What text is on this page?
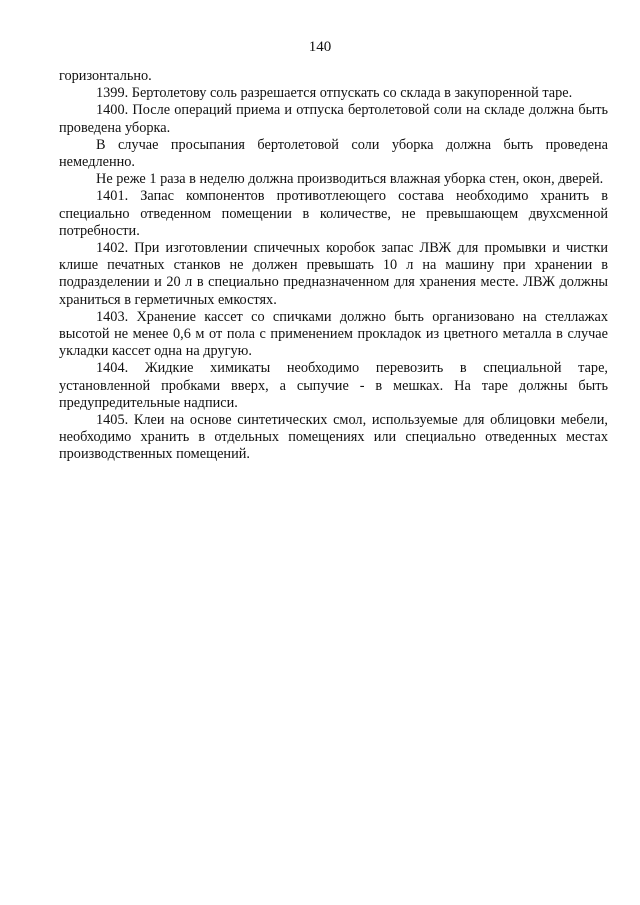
140

горизонтально.

1399. Бертолетову соль разрешается отпускать со склада в закупоренной таре.

1400. После операций приема и отпуска бертолетовой соли на складе должна быть проведена уборка.

В случае просыпания бертолетовой соли уборка должна быть проведена немедленно.

Не реже 1 раза в неделю должна производиться влажная уборка стен, окон, дверей.

1401. Запас компонентов противотлеющего состава необходимо хранить в специально отведенном помещении в количестве, не превышающем двухсменной потребности.

1402. При изготовлении спичечных коробок запас ЛВЖ для промывки и чистки клише печатных станков не должен превышать 10 л на машину при хранении в подразделении и 20 л в специально предназначенном для хранения месте. ЛВЖ должны храниться в герметичных емкостях.

1403. Хранение кассет со спичками должно быть организовано на стеллажах высотой не менее 0,6 м от пола с применением прокладок из цветного металла в случае укладки кассет одна на другую.

1404. Жидкие химикаты необходимо перевозить в специальной таре, установленной пробками вверх, а сыпучие - в мешках. На таре должны быть предупредительные надписи.

1405. Клеи на основе синтетических смол, используемые для облицовки мебели, необходимо хранить в отдельных помещениях или специально отведенных местах производственных помещений.
